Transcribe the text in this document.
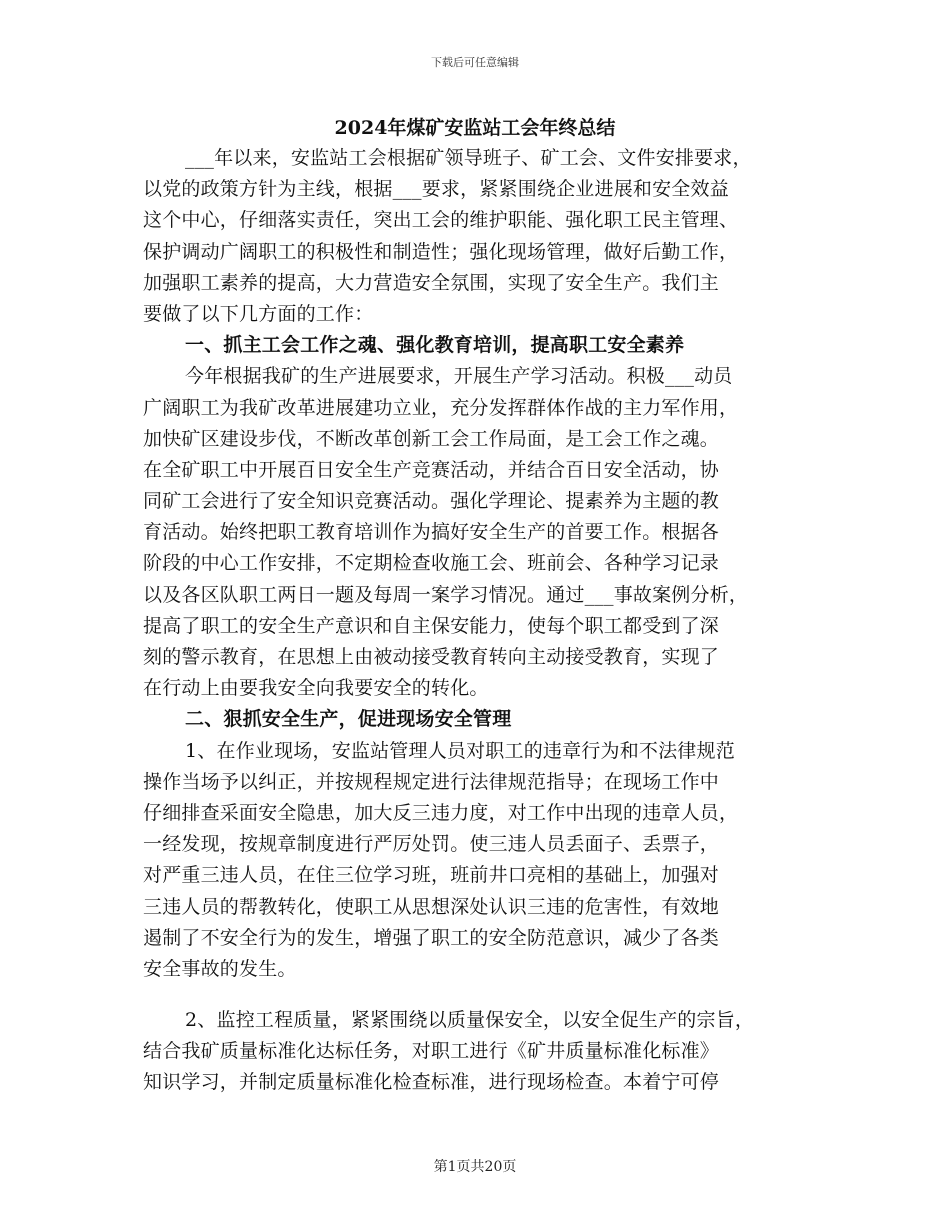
下载后可任意编辑
2024年煤矿安监站工会年终总结
___年以来，安监站工会根据矿领导班子、矿工会、文件安排要求，
以党的政策方针为主线，根据___要求，紧紧围绕企业进展和安全效益
这个中心，仔细落实责任，突出工会的维护职能、强化职工民主管理、
保护调动广阔职工的积极性和制造性；强化现场管理，做好后勤工作，
加强职工素养的提高，大力营造安全氛围，实现了安全生产。我们主
要做了以下几方面的工作：
一、抓主工会工作之魂、强化教育培训，提高职工安全素养
今年根据我矿的生产进展要求，开展生产学习活动。积极___动员
广阔职工为我矿改革进展建功立业，充分发挥群体作战的主力军作用，
加快矿区建设步伐，不断改革创新工会工作局面，是工会工作之魂。
在全矿职工中开展百日安全生产竞赛活动，并结合百日安全活动，协
同矿工会进行了安全知识竞赛活动。强化学理论、提素养为主题的教
育活动。始终把职工教育培训作为搞好安全生产的首要工作。根据各
阶段的中心工作安排，不定期检查收施工会、班前会、各种学习记录
以及各区队职工两日一题及每周一案学习情况。通过___事故案例分析，
提高了职工的安全生产意识和自主保安能力，使每个职工都受到了深
刻的警示教育，在思想上由被动接受教育转向主动接受教育，实现了
在行动上由要我安全向我要安全的转化。
二、狠抓安全生产，促进现场安全管理
1、在作业现场，安监站管理人员对职工的违章行为和不法律规范
操作当场予以纠正，并按规程规定进行法律规范指导；在现场工作中
仔细排查采面安全隐患，加大反三违力度，对工作中出现的违章人员，
一经发现，按规章制度进行严厉处罚。使三违人员丢面子、丢票子，
对严重三违人员，在住三位学习班，班前井口亮相的基础上，加强对
三违人员的帮教转化，使职工从思想深处认识三违的危害性，有效地
遏制了不安全行为的发生，增强了职工的安全防范意识，减少了各类
安全事故的发生。
2、监控工程质量，紧紧围绕以质量保安全，以安全促生产的宗旨，
结合我矿质量标准化达标任务，对职工进行《矿井质量标准化标准》
知识学习，并制定质量标准化检查标准，进行现场检查。本着宁可停
第1页共20页
